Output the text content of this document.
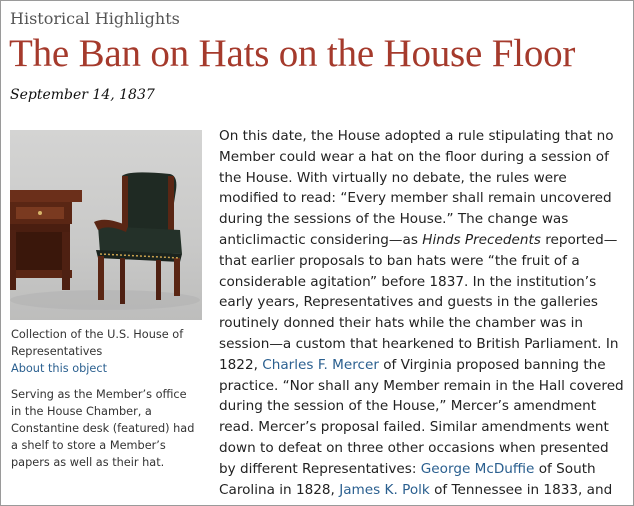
Historical Highlights
The Ban on Hats on the House Floor
September 14, 1837
Collection of the U.S. House of
Representatives
About this object
Serving as the Member’s office
in the House Chamber, a
Constantine desk (featured) had
a shelf to store a Member’s
papers as well as their hat.
On this date, the House adopted a rule stipulating that no
Member could wear a hat on the floor during a session of
the House. With virtually no debate, the rules were
modified to read: “Every member shall remain uncovered
during the sessions of the House.” The change was
anticlimactic considering—as Hinds Precedents reported—
that earlier proposals to ban hats were “the fruit of a
considerable agitation” before 1837. In the institution’s
early years, Representatives and guests in the galleries
routinely donned their hats while the chamber was in
session—a custom that hearkened to British Parliament. In
1822, Charles F. Mercer of Virginia proposed banning the
practice. “Nor shall any Member remain in the Hall covered
during the session of the House,” Mercer’s amendment
read. Mercer’s proposal failed. Similar amendments went
down to defeat on three other occasions when presented
by different Representatives: George McDuffie of South
Carolina in 1828, James K. Polk of Tennessee in 1833, and
